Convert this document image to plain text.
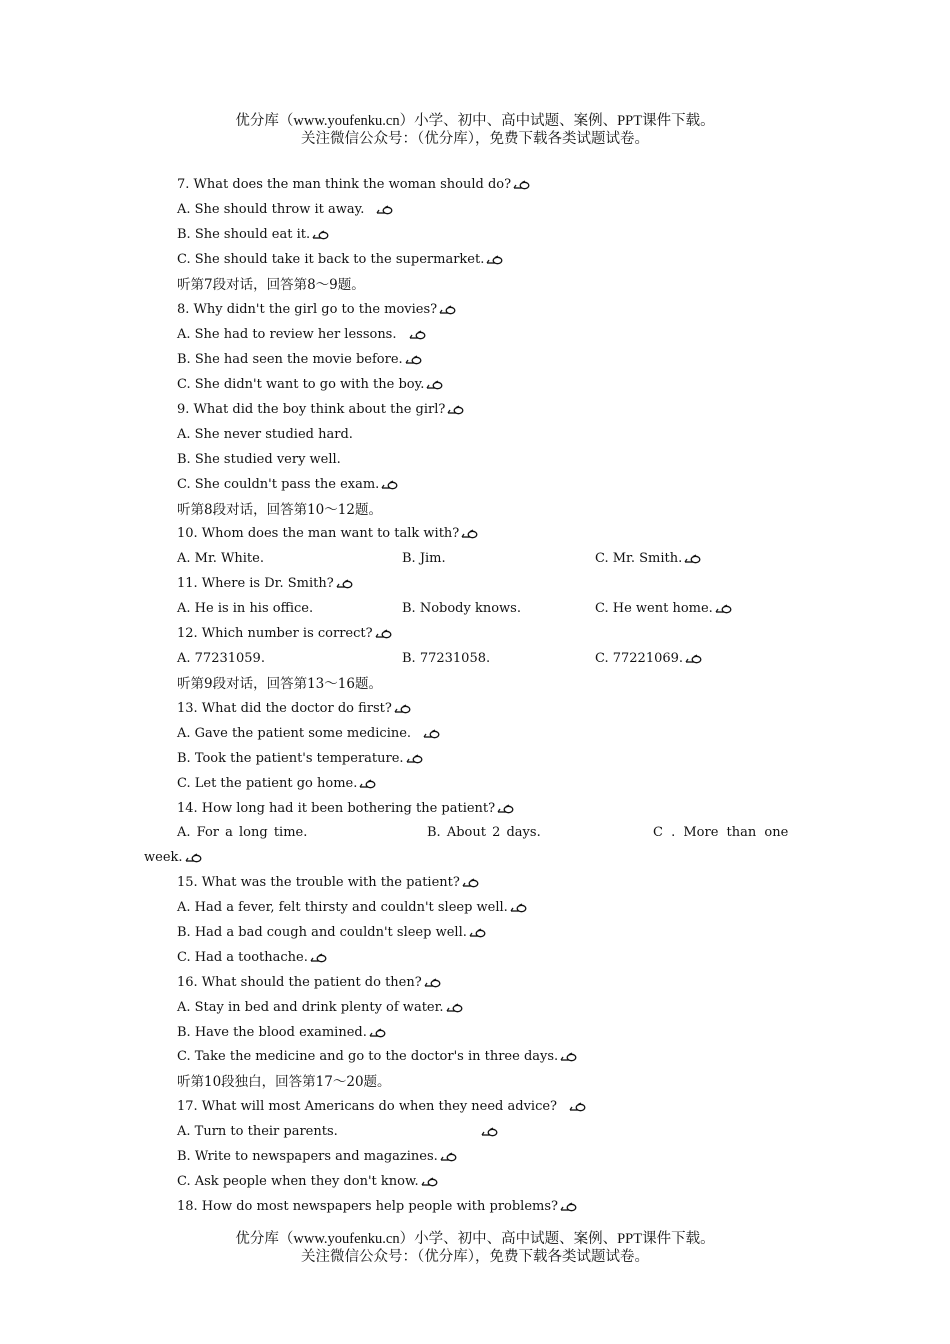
优分库（www.youfenku.cn）小学、初中、高中试题、案例、PPT课件下载。
关注微信公众号：（优分库），免费下载各类试题试卷。
7. What does the man think the woman should do?
A. She should throw it away.
B. She should eat it.
C. She should take it back to the supermarket.
听第7段对话，回答第8～9题。
8. Why didn't the girl go to the movies?
A. She had to review her lessons.
B. She had seen the movie before.
C. She didn't want to go with the boy.
9. What did the boy think about the girl?
A. She never studied hard.
B. She studied very well.
C. She couldn't pass the exam.
听第8段对话，回答第10～12题。
10. Whom does the man want to talk with?
A. Mr. White.	B. Jim.	C. Mr. Smith.
11. Where is Dr. Smith?
A. He is in his office.	B. Nobody knows.	C. He went home.
12. Which number is correct?
A. 77231059.	B. 77231058.	C. 77221069.
听第9段对话，回答第13～16题。
13. What did the doctor do first?
A. Gave the patient some medicine.
B. Took the patient's temperature.
C. Let the patient go home.
14. How long had it been bothering the patient?
A. For a long time.	B. About 2 days.	C . More than one
week.
15. What was the trouble with the patient?
A. Had a fever, felt thirsty and couldn't sleep well.
B. Had a bad cough and couldn't sleep well.
C. Had a toothache.
16. What should the patient do then?
A. Stay in bed and drink plenty of water.
B. Have the blood examined.
C. Take the medicine and go to the doctor's in three days.
听第10段独白，回答第17～20题。
17. What will most Americans do when they need advice?
A. Turn to their parents.
B. Write to newspapers and magazines.
C. Ask people when they don't know.
18. How do most newspapers help people with problems?
优分库（www.youfenku.cn）小学、初中、高中试题、案例、PPT课件下载。
关注微信公众号：（优分库），免费下载各类试题试卷。
